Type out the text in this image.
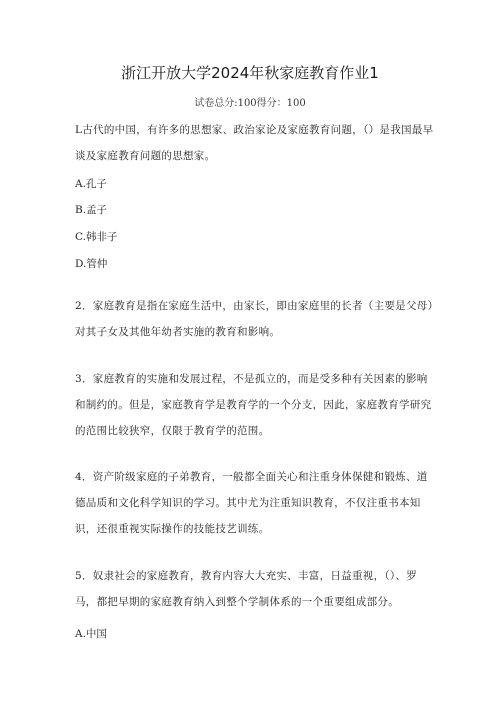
浙江开放大学2024年秋家庭教育作业1
试卷总分:100得分：100
L古代的中国，有许多的思想家、政治家论及家庭教育问题，（）是我国最早谈及家庭教育问题的思想家。
A.孔子
B.孟子
C.韩非子
D.管仲
2．家庭教育是指在家庭生活中，由家长，即由家庭里的长者（主要是父母）对其子女及其他年幼者实施的教育和影响。
3．家庭教育的实施和发展过程，不是孤立的，而是受多种有关因素的影响和制约的。但是，家庭教育学是教育学的一个分支，因此，家庭教育学研究的范围比较狭窄，仅限于教育学的范围。
4．资产阶级家庭的子弟教育，一般都全面关心和注重身体保健和锻炼、道德品质和文化科学知识的学习。其中尤为注重知识教育，不仅注重书本知识，还很重视实际操作的技能技艺训练。
5．奴隶社会的家庭教育，教育内容大大充实、丰富，日益重视，（）、罗马，都把早期的家庭教育纳入到整个学制体系的一个重要组成部分。
A.中国
